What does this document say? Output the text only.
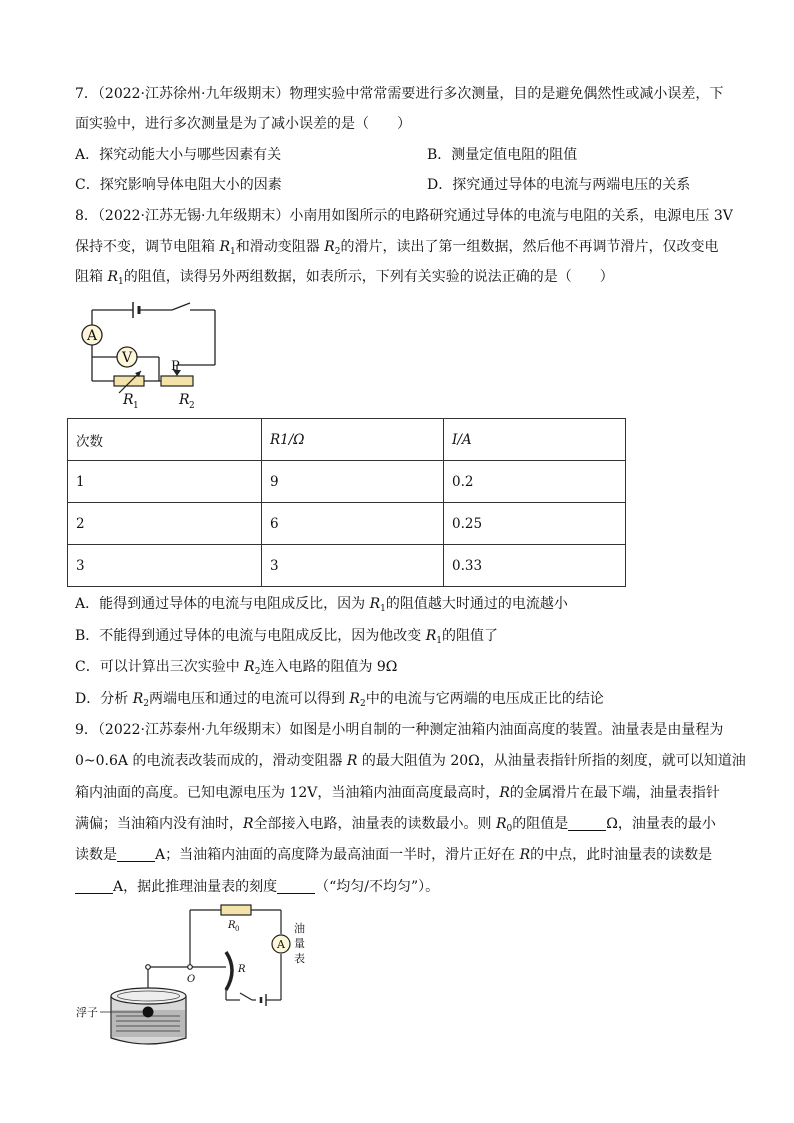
7．（2022·江苏徐州·九年级期末）物理实验中常常需要进行多次测量，目的是避免偶然性或减小误差，下
面实验中，进行多次测量是为了减小误差的是（　　）
A．探究动能大小与哪些因素有关	B．测量定值电阻的阻值
C．探究影响导体电阻大小的因素	D．探究通过导体的电流与两端电压的关系
8．（2022·江苏无锡·九年级期末）小南用如图所示的电路研究通过导体的电流与电阻的关系，电源电压 3V
保持不变，调节电阻箱 $R_1$和滑动变阻器 $R_2$的滑片，读出了第一组数据，然后他不再调节滑片，仅改变电
阻箱 $R_1$的阻值，读得另外两组数据，如表所示，下列有关实验的说法正确的是（　　）
A
V
P
R 1	R 2
次数	R1/Ω	I/A
1	9	0.2
2	6	0.25
3	3	0.33
A．能得到通过导体的电流与电阻成反比，因为 $R_1$的阻值越大时通过的电流越小
B．不能得到通过导体的电流与电阻成反比，因为他改变 $R_1$的阻值了
C．可以计算出三次实验中 $R_2$连入电路的阻值为 9Ω
D．分析 $R_2$两端电压和通过的电流可以得到 $R_2$中的电流与它两端的电压成正比的结论
9．（2022·江苏泰州·九年级期末）如图是小明自制的一种测定油箱内油面高度的装置。油量表是由量程为
0~0.6A 的电流表改装而成的，滑动变阻器 R 的最大阻值为 20Ω，从油量表指针所指的刻度，就可以知道油
箱内油面的高度。已知电源电压为 12V，当油箱内油面高度最高时，R的金属滑片在最下端，油量表指针
满偏；当油箱内没有油时，R全部接入电路，油量表的读数最小。则 $R_0$的阻值是	Ω，油量表的最小
读数是	A；当油箱内油面的高度降为最高油面一半时，滑片正好在 R的中点，此时油量表的读数是
A，据此推理油量表的刻度	（“均匀/不均匀”）。
R 0
A
油
量
表
O
R
浮子
